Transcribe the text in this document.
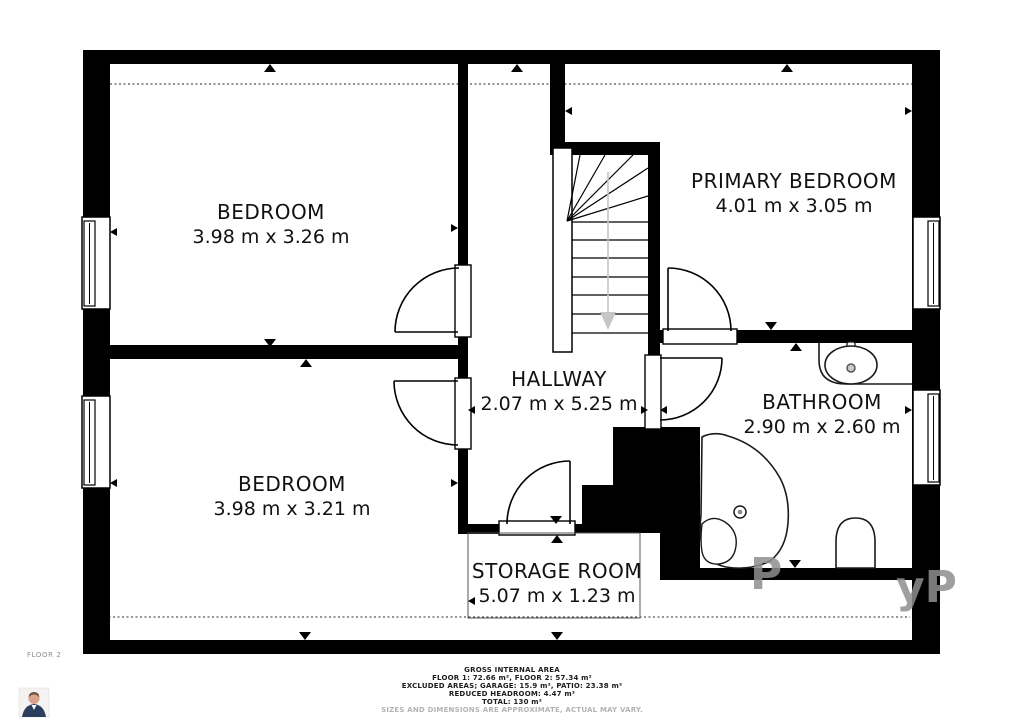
BEDROOM
3.98 m x 3.26 m
PRIMARY BEDROOM
4.01 m x 3.05 m
HALLWAY
2.07 m x 5.25 m	BATHROOM
2.90 m x 2.60 m
BEDROOM
3.98 m x 3.21 m
STORAGE ROOM
5.07 m x 1.23 m	P	yP
FLOOR 2
GROSS INTERNAL AREA
FLOOR 1: 72.66 m², FLOOR 2: 57.34 m²
EXCLUDED AREAS; GARAGE: 15.9 m², PATIO: 23.38 m²
REDUCED HEADROOM: 4.47 m²
TOTAL: 130 m²
SIZES AND DIMENSIONS ARE APPROXIMATE, ACTUAL MAY VARY.
